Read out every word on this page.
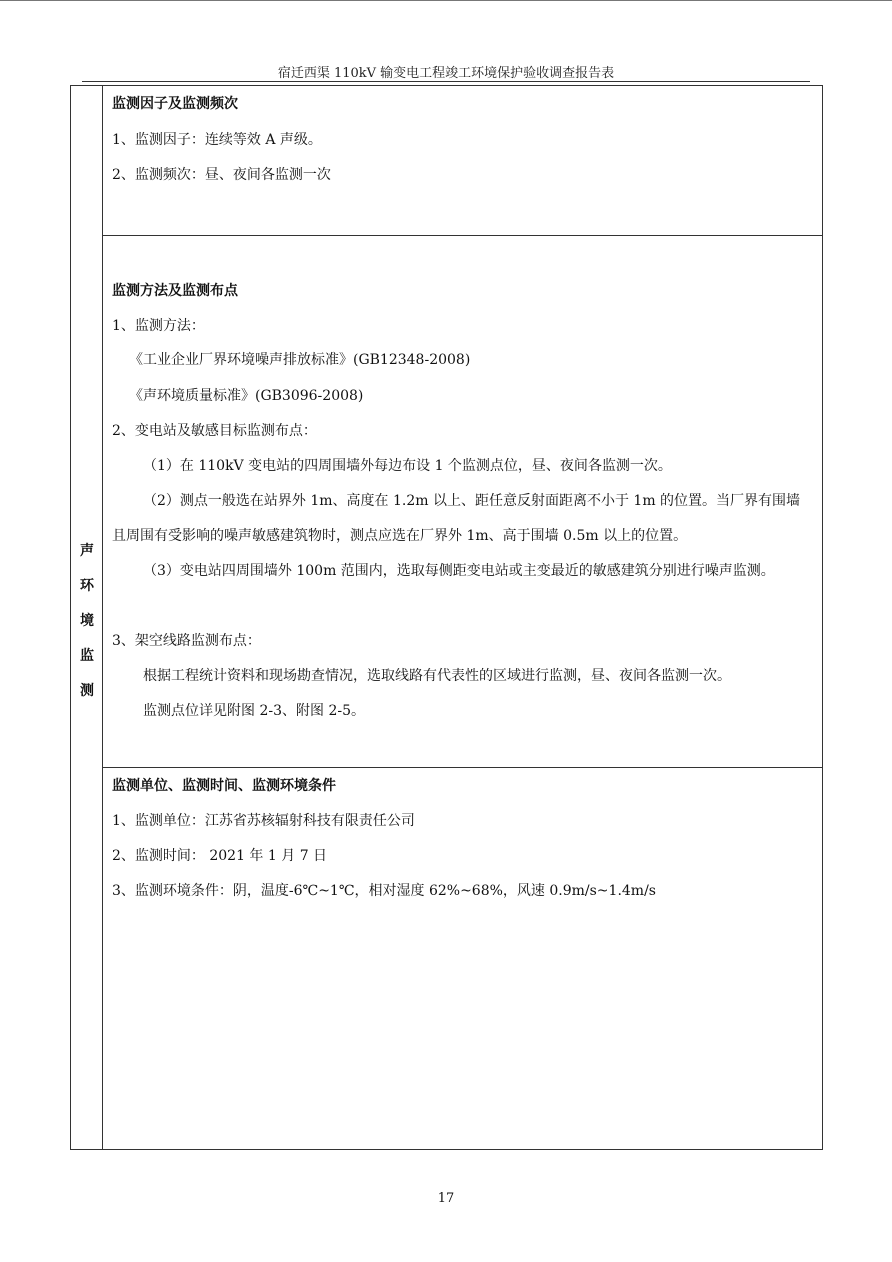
宿迁西渠 110kV 输变电工程竣工环境保护验收调查报告表
声
环
境
监
测
监测因子及监测频次
1、监测因子：连续等效 A 声级。
2、监测频次：昼、夜间各监测一次
监测方法及监测布点
1、监测方法：
《工业企业厂界环境噪声排放标准》(GB12348-2008)
《声环境质量标准》(GB3096-2008)
2、变电站及敏感目标监测布点：
（1）在 110kV 变电站的四周围墙外每边布设 1 个监测点位，昼、夜间各监测一次。
（2）测点一般选在站界外 1m、高度在 1.2m 以上、距任意反射面距离不小于 1m 的位置。当厂界有围墙且周围有受影响的噪声敏感建筑物时，测点应选在厂界外 1m、高于围墙 0.5m 以上的位置。
（3）变电站四周围墙外 100m 范围内，选取每侧距变电站或主变最近的敏感建筑分别进行噪声监测。
3、架空线路监测布点：
根据工程统计资料和现场勘查情况，选取线路有代表性的区域进行监测，昼、夜间各监测一次。
监测点位详见附图 2-3、附图 2-5。
监测单位、监测时间、监测环境条件
1、监测单位：江苏省苏核辐射科技有限责任公司
2、监测时间： 2021 年 1 月 7 日
3、监测环境条件：阴，温度-6℃~1℃，相对湿度 62%~68%，风速 0.9m/s~1.4m/s
17
